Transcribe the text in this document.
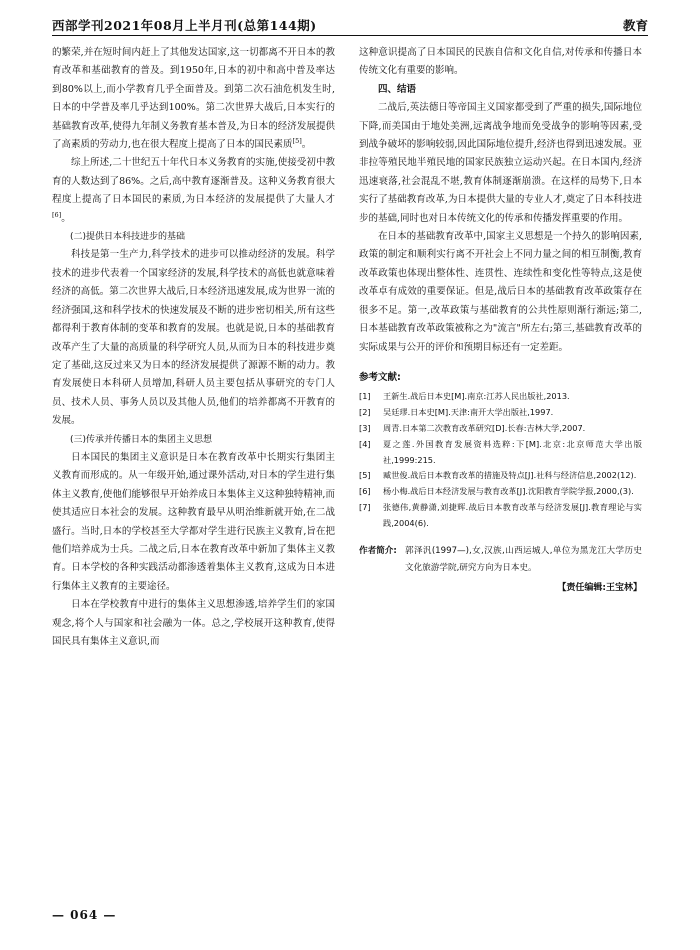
西部学刊2021年08月上半月刊(总第144期)	教育

的繁荣,并在短时间内赶上了其他发达国家,这一切都离不开日本的教育改革和基础教育的普及。到1950年,日本的初中和高中普及率达到80%以上,而小学教育几乎全面普及。到第二次石油危机发生时,日本的中学普及率几乎达到100%。第二次世界大战后,日本实行的基础教育改革,使得九年制义务教育基本普及,为日本的经济发展提供了高素质的劳动力,也在很大程度上提高了日本的国民素质[5]。

综上所述,二十世纪五十年代日本义务教育的实施,使接受初中教育的人数达到了86%。之后,高中教育逐渐普及。这种义务教育很大程度上提高了日本国民的素质,为日本经济的发展提供了大量人才[6]。

(二)提供日本科技进步的基础

科技是第一生产力,科学技术的进步可以推动经济的发展。科学技术的进步代表着一个国家经济的发展,科学技术的高低也就意味着经济的高低。第二次世界大战后,日本经济迅速发展,成为世界一流的经济强国,这和科学技术的快速发展及不断的进步密切相关,所有这些都得利于教育体制的变革和教育的发展。也就是说,日本的基础教育改革产生了大量的高质量的科学研究人员,从而为日本的科技进步奠定了基础,这反过来又为日本的经济发展提供了源源不断的动力。教育发展使日本科研人员增加,科研人员主要包括从事研究的专门人员、技术人员、事务人员以及其他人员,他们的培养都离不开教育的发展。

(三)传承并传播日本的集团主义思想

日本国民的集团主义意识是日本在教育改革中长期实行集团主义教育而形成的。从一年级开始,通过课外活动,对日本的学生进行集体主义教育,使他们能够很早开始养成日本集体主义这种独特精神,而使其适应日本社会的发展。这种教育最早从明治维新就开始,在二战盛行。当时,日本的学校甚至大学都对学生进行民族主义教育,旨在把他们培养成为士兵。二战之后,日本在教育改革中新加了集体主义教育。日本学校的各种实践活动都渗透着集体主义教育,这成为日本进行集体主义教育的主要途径。

日本在学校教育中进行的集体主义思想渗透,培养学生们的家国观念,将个人与国家和社会融为一体。总之,学校展开这种教育,使得国民具有集体主义意识,而

这种意识提高了日本国民的民族自信和文化自信,对传承和传播日本传统文化有重要的影响。

四、结语

二战后,英法德日等帝国主义国家都受到了严重的损失,国际地位下降,而美国由于地处美洲,远离战争地而免受战争的影响等因素,受到战争破坏的影响较弱,因此国际地位提升,经济也得到迅速发展。亚非拉等殖民地半殖民地的国家民族独立运动兴起。在日本国内,经济迅速衰落,社会混乱不堪,教育体制逐渐崩溃。在这样的局势下,日本实行了基础教育改革,为日本提供大量的专业人才,奠定了日本科技进步的基础,同时也对日本传统文化的传承和传播发挥重要的作用。

在日本的基础教育改革中,国家主义思想是一个持久的影响因素,政策的制定和顺利实行离不开社会上不同力量之间的相互制衡,教育改革政策也体现出整体性、连贯性、连续性和变化性等特点,这是使改革卓有成效的重要保证。但是,战后日本的基础教育改革政策存在很多不足。第一,改革政策与基础教育的公共性原则渐行渐远;第二,日本基础教育改革政策被称之为"流言"所左右;第三,基础教育改革的实际成果与公开的评价和预期目标还有一定差距。

参考文献:
[1] 王新生.战后日本史[M].南京:江苏人民出版社,2013.
[2] 吴廷璆.日本史[M].天津:南开大学出版社,1997.
[3] 周青.日本第二次教育改革研究[D].长春:吉林大学,2007.
[4] 夏之莲.外国教育发展资料选粹:下[M].北京:北京师范大学出版社,1999:215.
[5] 臧世俊.战后日本教育改革的措施及特点[J].社科与经济信息,2002(12).
[6] 杨小梅.战后日本经济发展与教育改革[J].沈阳教育学院学报,2000,(3).
[7] 张德伟,黄静潇,刘捷辉.战后日本教育改革与经济发展[J].教育理论与实践,2004(6).
作者简介: 郭泽汎(1997—),女,汉族,山西运城人,单位为黑龙江大学历史文化旅游学院,研究方向为日本史。
【责任编辑:王宝林】
— 064 —
